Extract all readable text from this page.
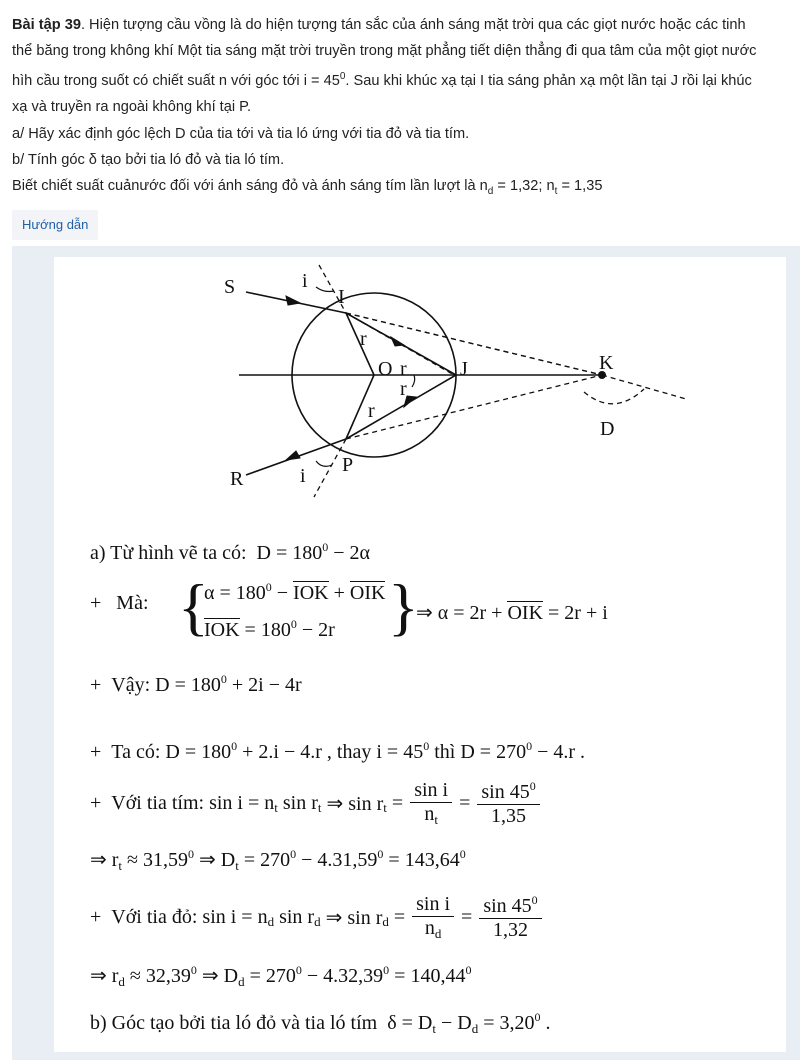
Bài tập 39. Hiện tượng cầu vồng là do hiện tượng tán sắc của ánh sáng mặt trời qua các giọt nước hoặc các tinh

thể băng trong không khí Một tia sáng mặt trời truyền trong mặt phẳng tiết diện thẳng đi qua tâm của một giọt nước

hìh cầu trong suốt có chiết suất n với góc tới $i = 45^0$. Sau khi khúc xạ tại I tia sáng phản xạ một lần tại J rồi lại khúc

xạ và truyền ra ngoài không khí tại P.

a/ Hãy xác định góc lệch D của tia tới và tia ló ứng với tia đỏ và tia tím.

b/ Tính góc δ tạo bởi tia ló đỏ và tia ló tím.

Biết chiết suất cuảnước đối với ánh sáng đỏ và ánh sáng tím lần lượt là $n_d = 1,32$; $n_t = 1,35$

Hướng dẫn
S	i
I
O r	J	K
r
r
r
D
R	i P
a) Từ hình vẽ ta có: $D = 180^0 - 2\alpha$
+ Mà: {
$\alpha = 180^0$ − IOK + OIK
IOK = $180^0 - 2r$ }
⇒ α = 2r + OIK = 2r + i
+ Vậy: $D = 180^0 + 2i - 4r$
+ Ta có: $D = 180^0 + 2.i - 4.r$ , thay $i = 45^0$ thì $D = 270^0 - 4.r$ .
+ Với tia tím: $\sin i = n_t$ $\sin r_t$ ⇒ $\sin r_t = \frac{\text{sin i}}{n_t} = \frac{\sin 45^0}{1,35}$
⇒ $r_t \approx 31,59^0$ ⇒ $D_t = 270^0 - 4.31,59^0 = 143,64^0$
+ Với tia đỏ: $\sin i = n_d$ $\sin r_d$ ⇒ $\sin r_d = \frac{\text{sin i}}{n_d} = \frac{\sin 45^0}{1,32}$
⇒ $r_d \approx 32,39^0$ ⇒ $D_d = 270^0 - 4.32,39^0 = 140,44^0$
b) Góc tạo bởi tia ló đỏ và tia ló tím $\delta = D_t - D_d = 3,20^0$ .
